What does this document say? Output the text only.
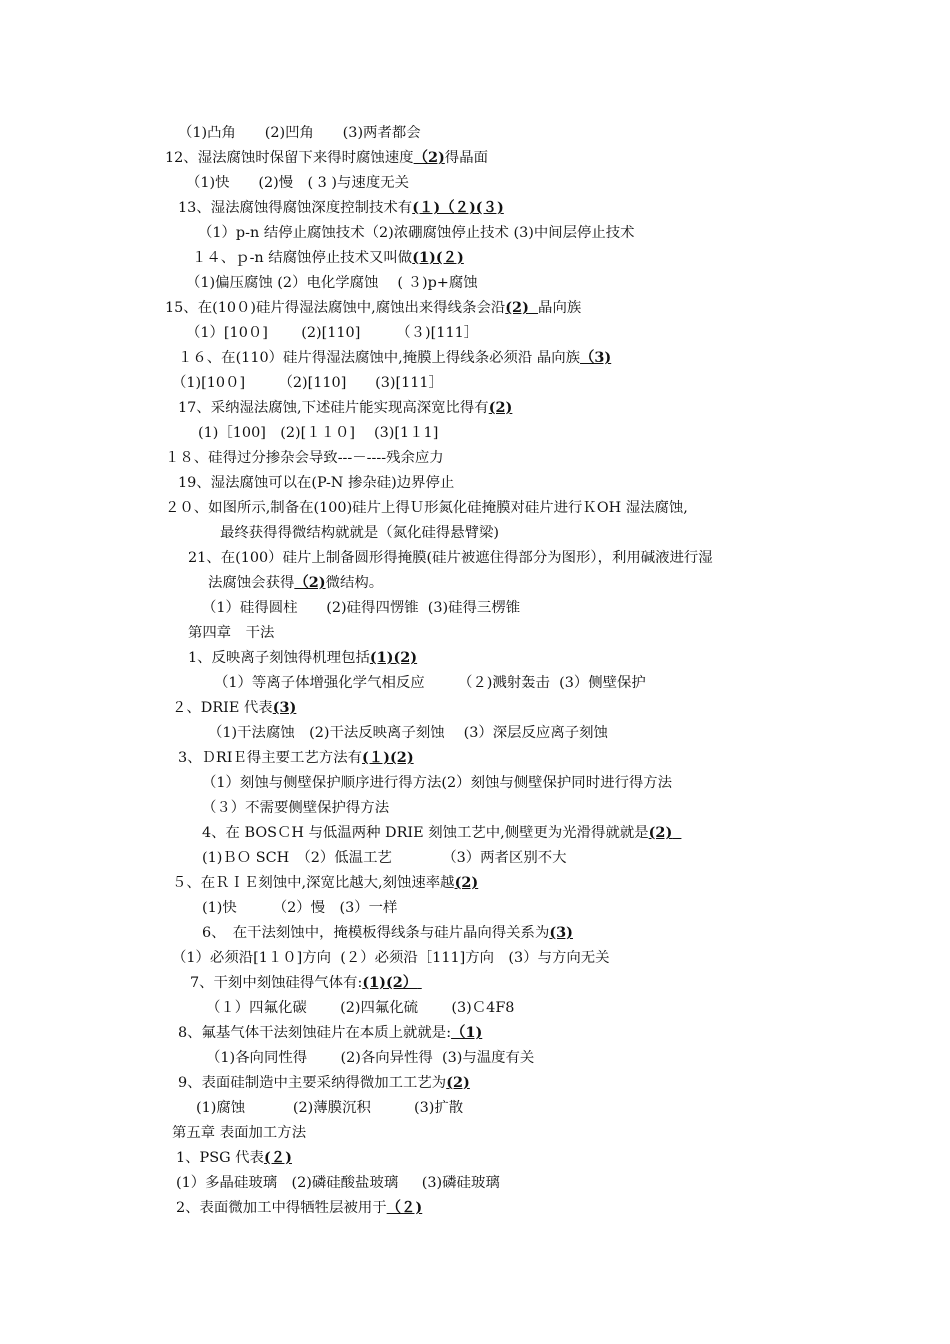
（1)凸角　　(2)凹角　　(3)两者都会
12、湿法腐蚀时保留下来得时腐蚀速度（2)得晶面
（1)快　　(2)慢　( 3 )与速度无关
13、湿法腐蚀得腐蚀深度控制技术有(１)（２)(３)
（1）p-n 结停止腐蚀技术（2)浓硼腐蚀停止技术 (3)中间层停止技术
１４、ｐ-n 结腐蚀停止技术又叫做(1)(２)
（1)偏压腐蚀 (2）电化学腐蚀　 ( ３)p+腐蚀
15、在(10０)硅片得湿法腐蚀中,腐蚀出来得线条会沿(2) 晶向族
（1）[10０]　　 (2)[110]　　　（３)[111］
１６、在(110）硅片得湿法腐蚀中,掩膜上得线条必须沿 晶向族（3)
（1)[10０]　　 （2)[110]　　(3)[111］
17、采纳湿法腐蚀,下述硅片能实现高深宽比得有(2)
(1)［100]　(2)[１１０]　 (3)[1１1]
１８、硅得过分掺杂会导致---－----残余应力
19、湿法腐蚀可以在(P-N 掺杂硅)边界停止
２０、如图所示,制备在(100)硅片上得Ｕ形氮化硅掩膜对硅片进行ＫOH 湿法腐蚀,
最终获得得微结构就就是（氮化硅得悬臂梁)
21、在(100）硅片上制备圆形得掩膜(硅片被遮住得部分为图形），利用碱液进行湿
法腐蚀会获得（2)微结构。
（1）硅得圆柱　　(2)硅得四愣锥  (3)硅得三楞锥
第四章　干法
1、反映离子刻蚀得机理包括(1)(2)
（1）等离子体增强化学气相反应　　 （２)溅射轰击  (3）侧壁保护
２、DRIE 代表(3)
（1)干法腐蚀　(2)干法反映离子刻蚀　 (3）深层反应离子刻蚀
3、ＤRIＥ得主要工艺方法有(１)(2)
（1）刻蚀与侧壁保护顺序进行得方法(2）刻蚀与侧壁保护同时进行得方法
（３）不需要侧壁保护得方法
4、在 BOSＣH 与低温两种 DRIE 刻蚀工艺中,侧壁更为光滑得就就是(2)
(1)ＢＯ SCH　（2）低温工艺　　　　（3）两者区别不大
５、在ＲＩＥ刻蚀中,深宽比越大,刻蚀速率越(2)
(1)快　　　（2）慢　(3）一样
6、　在干法刻蚀中，掩模板得线条与硅片晶向得关系为(3)
（1）必须沿[1１０]方向  (２）必须沿［111]方向　(3）与方向无关
7、干刻中刻蚀硅得气体有:(1)(2）
（１）四氟化碳　　 (2)四氟化硫　　 (3)Ｃ4F8
8、氟基气体干法刻蚀硅片在本质上就就是:（1)
（1)各向同性得　　 (2)各向异性得  (3)与温度有关
9、表面硅制造中主要采纳得微加工工艺为(2)
(1)腐蚀　　　 (2)薄膜沉积　　　(3)扩散
第五章 表面加工方法
1、PSG 代表(２)
(1）多晶硅玻璃　(2)磷硅酸盐玻璃　  (3)磷硅玻璃
2、表面微加工中得牺牲层被用于（２)
